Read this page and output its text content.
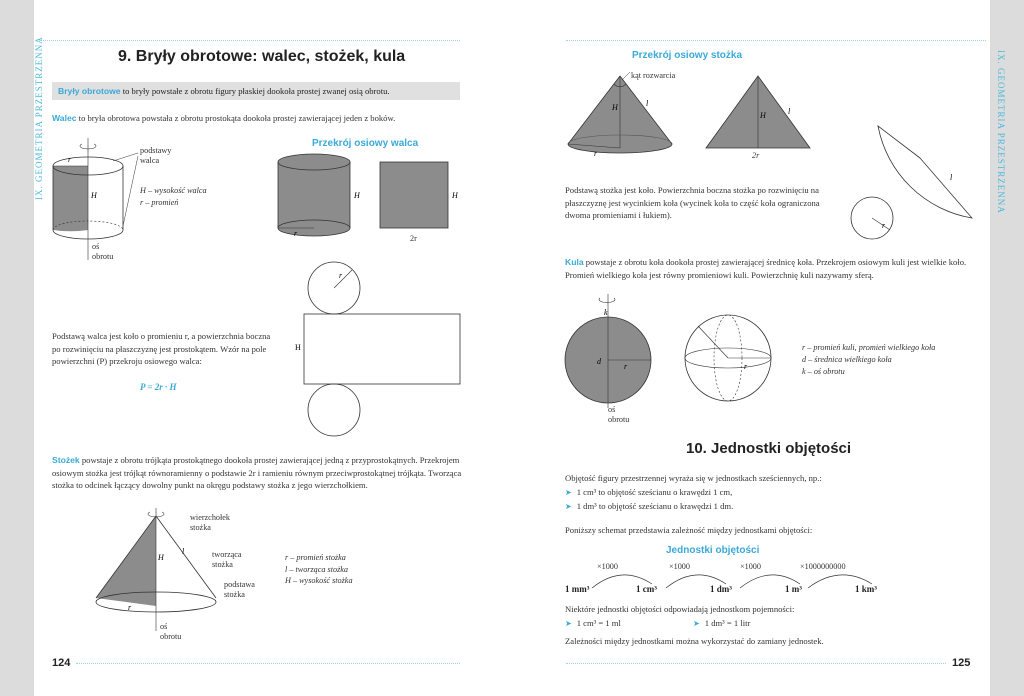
IX. GEOMETRIA PRZESTRZENNA	IX. GEOMETRIA PRZESTRZENNA
9. Bryły obrotowe: walec, stożek, kula
Bryły obrotowe to bryły powstałe z obrotu figury płaskiej dookoła prostej zwanej osią obrotu.
Walec to bryła obrotowa powstała z obrotu prostokąta dookoła prostej zawierającej jeden z boków.
r
H
podstawy
walca
H – wysokość walca
r – promień
oś
obrotu
Przekrój osiowy walca
H
r
H
2r
r
H
Podstawą walca jest koło o promieniu r, a powierzchnia boczna po rozwinięciu na płaszczyznę jest prostokątem. Wzór na pole powierzchni (P) przekroju osiowego walca:
P = 2r · H
Stożek powstaje z obrotu trójkąta prostokątnego dookoła prostej zawierającej jedną z przyprostokątnych. Przekrojem osiowym stożka jest trójkąt równoramienny o podstawie 2r i ramieniu równym przeciwprostokątnej trójkąta. Tworząca stożka to odcinek łączący dowolny punkt na okręgu podstawy stożka z jego wierzchołkiem.
H
l
r
wierzchołek
stożka
tworząca
stożka
podstawa
stożka
oś
obrotu
r – promień stożka
l – tworząca stożka
H – wysokość stożka
124
Przekrój osiowy stożka
H	l
r
H	l
kąt rozwarcia
2r
l
r
Podstawą stożka jest koło. Powierzchnia boczna stożka po rozwinięciu na płaszczyznę jest wycinkiem koła (wycinek koła to część koła ograniczona dwoma promieniami i łukiem).
Kula powstaje z obrotu koła dookoła prostej zawierającej średnicę koła. Przekrojem osiowym kuli jest wielkie koło. Promień wielkiego koła jest równy promieniowi kuli. Powierzchnię kuli nazywamy sferą.
k
d
r	r
oś
obrotu
r – promień kuli, promień wielkiego koła
d – średnica wielkiego koła
k – oś obrotu
10. Jednostki objętości
Objętość figury przestrzennej wyraża się w jednostkach sześciennych, np.:
➤ 1 cm³ to objętość sześcianu o krawędzi 1 cm,
➤ 1 dm³ to objętość sześcianu o krawędzi 1 dm.
Poniższy schemat przedstawia zależność między jednostkami objętości:
Jednostki objętości
×1000	×1000	×1000	×1000000000
1 mm³	1 cm³	1 dm³	1 m³	1 km³
Niektóre jednostki objętości odpowiadają jednostkom pojemności:
➤ 1 cm³ = 1 ml	➤ 1 dm³ = 1 litr
Zależności między jednostkami można wykorzystać do zamiany jednostek.
125
